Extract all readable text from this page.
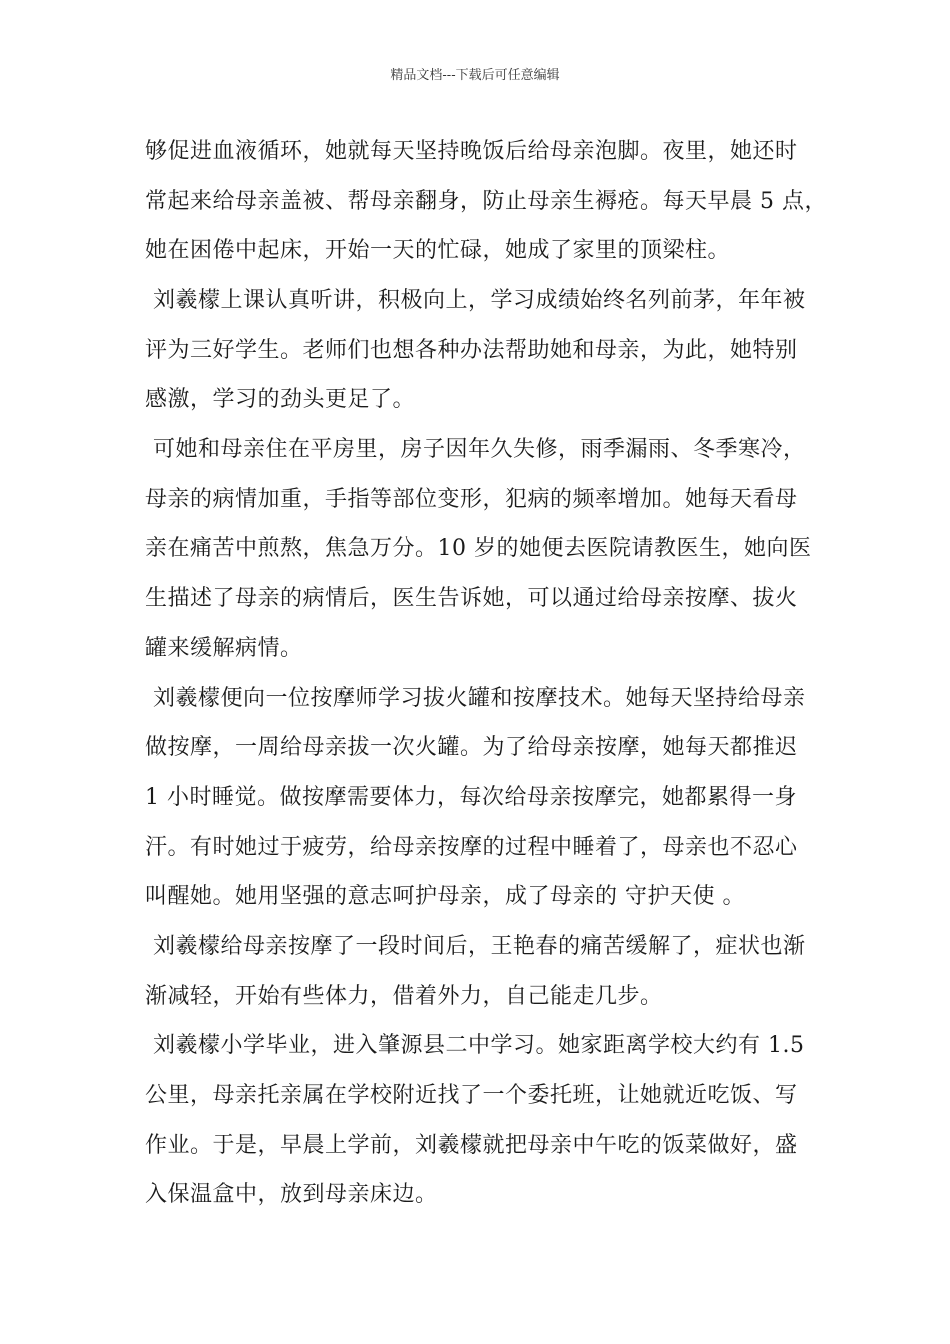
精品文档---下载后可任意编辑
够促进血液循环，她就每天坚持晚饭后给母亲泡脚。夜里，她还时
常起来给母亲盖被、帮母亲翻身，防止母亲生褥疮。每天早晨 5 点，
她在困倦中起床，开始一天的忙碌，她成了家里的顶梁柱。
刘羲檬上课认真听讲，积极向上，学习成绩始终名列前茅，年年被
评为三好学生。老师们也想各种办法帮助她和母亲，为此，她特别
感激，学习的劲头更足了。
可她和母亲住在平房里，房子因年久失修，雨季漏雨、冬季寒冷，
母亲的病情加重，手指等部位变形，犯病的频率增加。她每天看母
亲在痛苦中煎熬，焦急万分。10 岁的她便去医院请教医生，她向医
生描述了母亲的病情后，医生告诉她，可以通过给母亲按摩、拔火
罐来缓解病情。
刘羲檬便向一位按摩师学习拔火罐和按摩技术。她每天坚持给母亲
做按摩，一周给母亲拔一次火罐。为了给母亲按摩，她每天都推迟
1 小时睡觉。做按摩需要体力，每次给母亲按摩完，她都累得一身
汗。有时她过于疲劳，给母亲按摩的过程中睡着了，母亲也不忍心
叫醒她。她用坚强的意志呵护母亲，成了母亲的 守护天使 。
刘羲檬给母亲按摩了一段时间后，王艳春的痛苦缓解了，症状也渐
渐减轻，开始有些体力，借着外力，自己能走几步。
刘羲檬小学毕业，进入肇源县二中学习。她家距离学校大约有 1.5
公里，母亲托亲属在学校附近找了一个委托班，让她就近吃饭、写
作业。于是，早晨上学前，刘羲檬就把母亲中午吃的饭菜做好，盛
入保温盒中，放到母亲床边。
